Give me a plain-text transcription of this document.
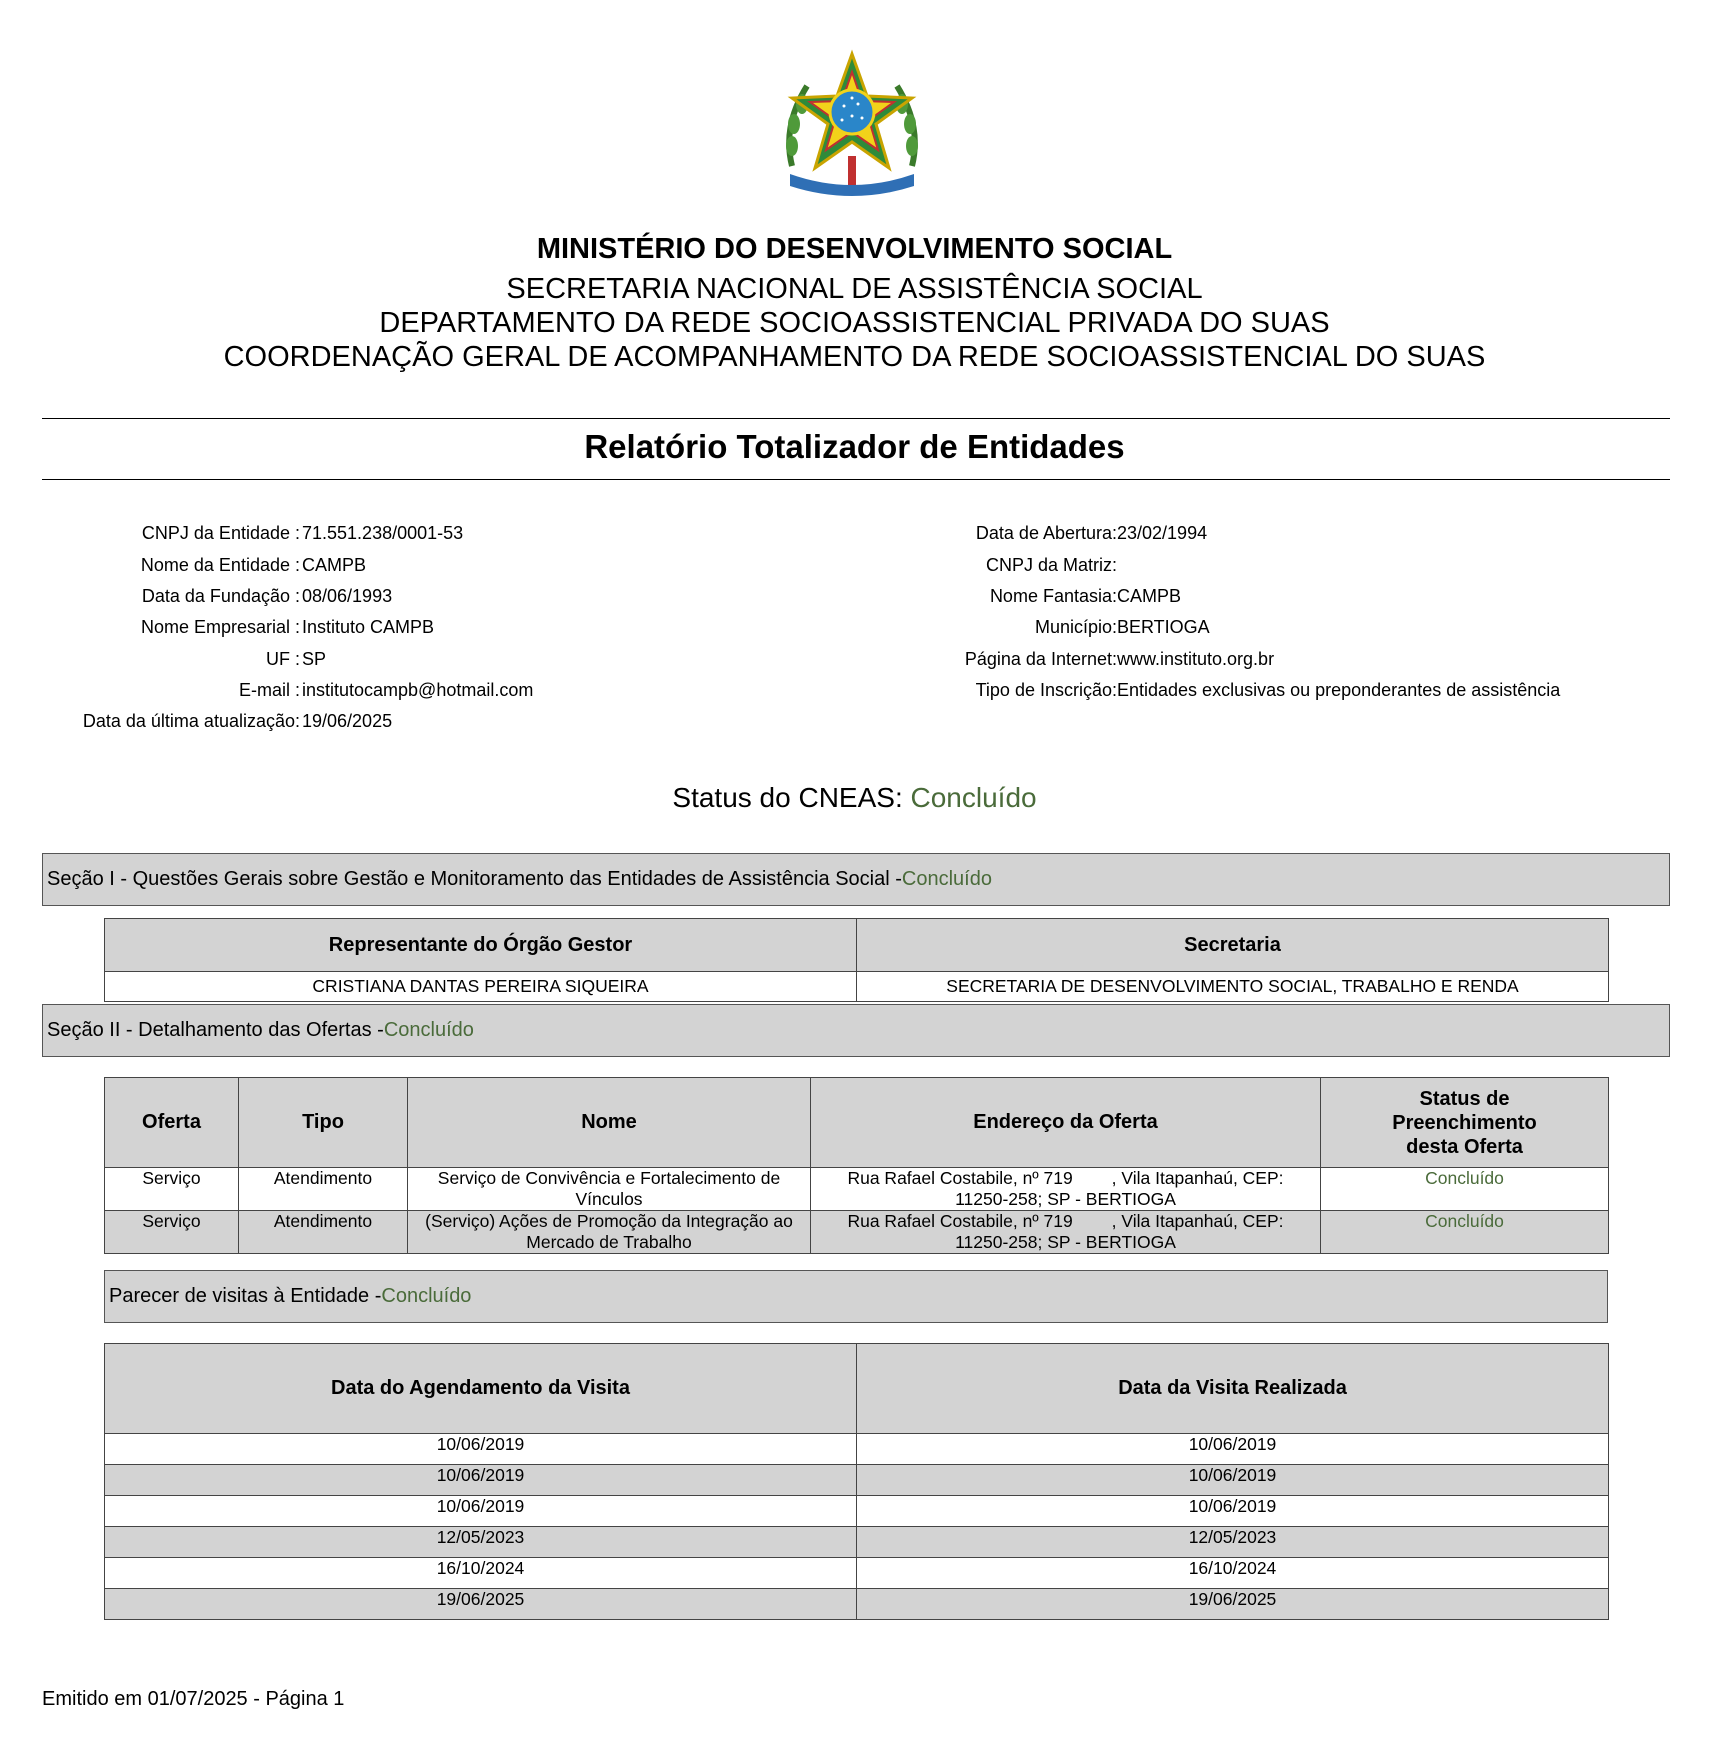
MINISTÉRIO DO DESENVOLVIMENTO SOCIAL
SECRETARIA NACIONAL DE ASSISTÊNCIA SOCIAL
DEPARTAMENTO DA REDE SOCIOASSISTENCIAL PRIVADA DO SUAS
COORDENAÇÃO GERAL DE ACOMPANHAMENTO DA REDE SOCIOASSISTENCIAL DO SUAS
Relatório Totalizador de Entidades
CNPJ da Entidade : 71.551.238/0001-53
Nome da Entidade : CAMPB
Data da Fundação : 08/06/1993
Nome Empresarial : Instituto CAMPB
UF : SP
E-mail : institutocampb@hotmail.com
Data da última atualização: 19/06/2025
Data de Abertura: 23/02/1994
CNPJ da Matriz:
Nome Fantasia: CAMPB
Município: BERTIOGA
Página da Internet: www.instituto.org.br
Tipo de Inscrição: Entidades exclusivas ou preponderantes de assistência
Status do CNEAS: Concluído
Seção I - Questões Gerais sobre Gestão e Monitoramento das Entidades de Assistência Social - Concluído
Representante do Órgão Gestor	Secretaria
CRISTIANA DANTAS PEREIRA SIQUEIRA	SECRETARIA DE DESENVOLVIMENTO SOCIAL, TRABALHO E RENDA
Seção II - Detalhamento das Ofertas - Concluído
Oferta	Tipo	Nome	Endereço da Oferta	Status de Preenchimento desta Oferta
Serviço	Atendimento	Serviço de Convivência e Fortalecimento de Vínculos	Rua Rafael Costabile, nº 719        , Vila Itapanhaú, CEP: 11250-258; SP - BERTIOGA	Concluído
Serviço	Atendimento	(Serviço) Ações de Promoção da Integração ao Mercado de Trabalho	Rua Rafael Costabile, nº 719        , Vila Itapanhaú, CEP: 11250-258; SP - BERTIOGA	Concluído
Parecer de visitas à Entidade - Concluído
Data do Agendamento da Visita	Data da Visita Realizada
10/06/2019	10/06/2019
10/06/2019	10/06/2019
10/06/2019	10/06/2019
12/05/2023	12/05/2023
16/10/2024	16/10/2024
19/06/2025	19/06/2025
Emitido em 01/07/2025 - Página 1
